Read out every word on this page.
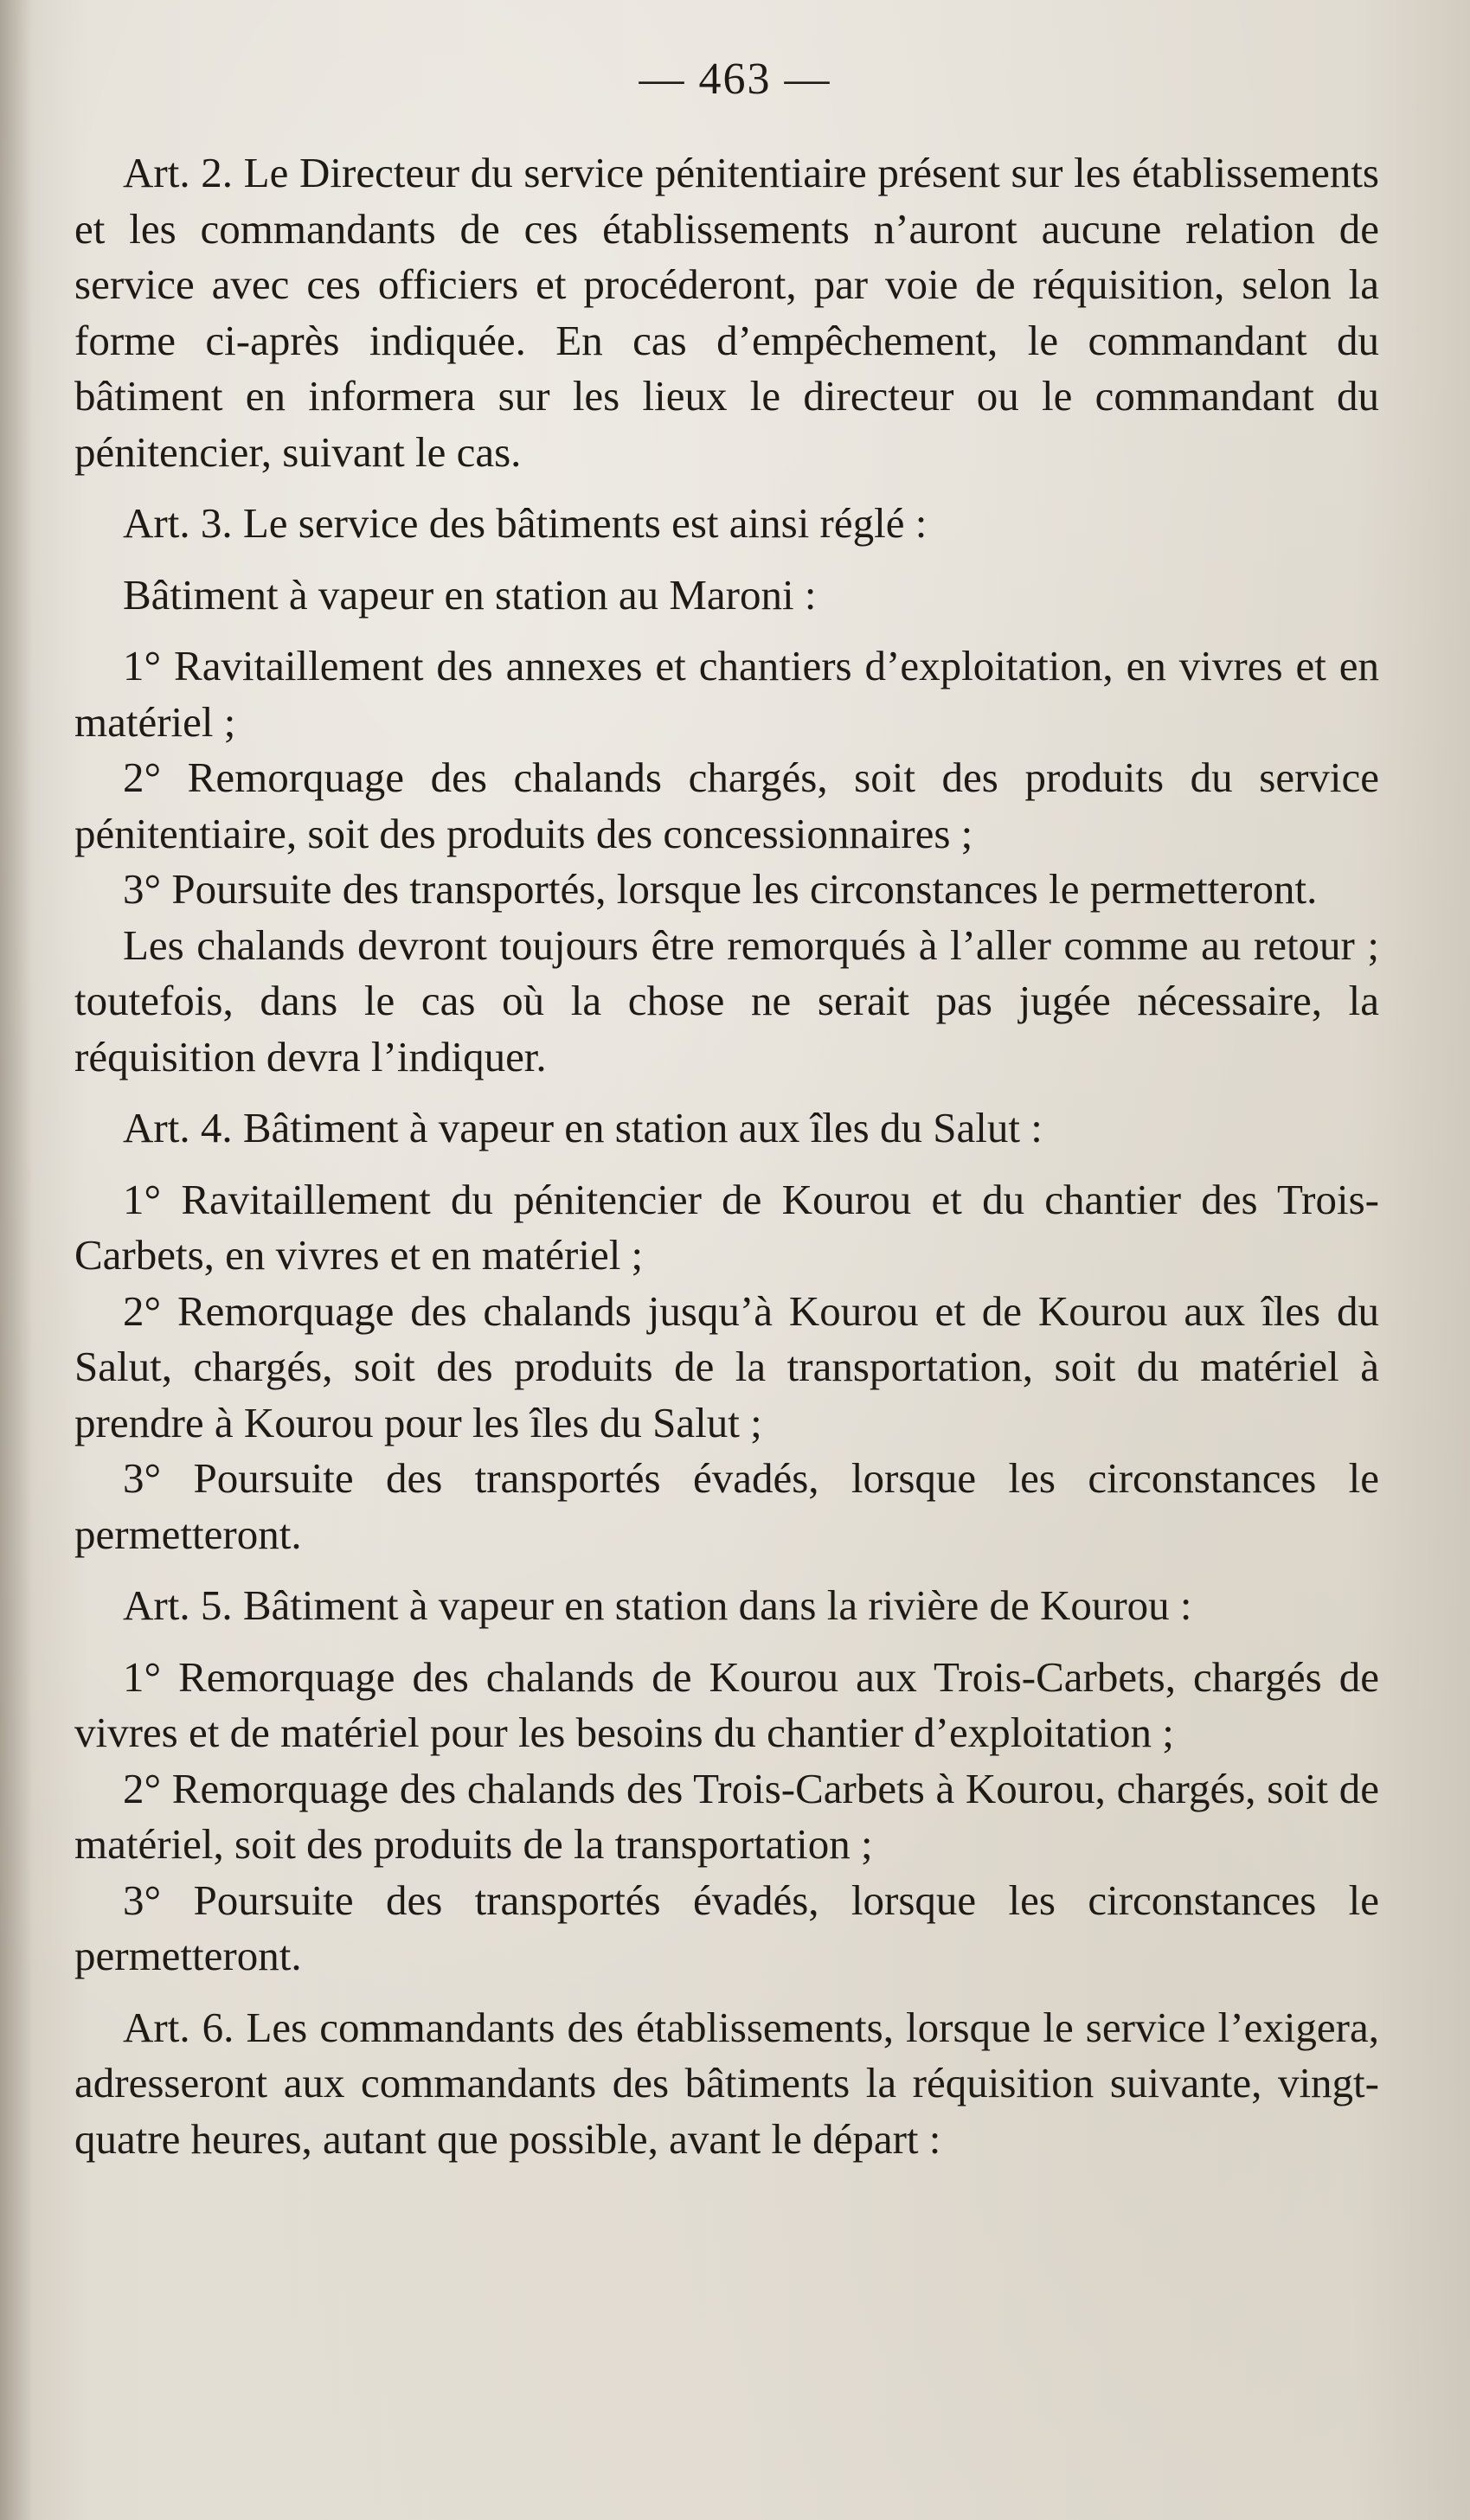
— 463 —

Art. 2. Le Directeur du service pénitentiaire présent sur les établissements et les commandants de ces établissements n’auront aucune relation de service avec ces officiers et procéderont, par voie de réquisition, selon la forme ci-après indiquée. En cas d’empêchement, le commandant du bâtiment en informera sur les lieux le directeur ou le commandant du pénitencier, suivant le cas.

Art. 3. Le service des bâtiments est ainsi réglé :

Bâtiment à vapeur en station au Maroni :

1° Ravitaillement des annexes et chantiers d’exploitation, en vivres et en matériel ;

2° Remorquage des chalands chargés, soit des produits du service pénitentiaire, soit des produits des concessionnaires ;

3° Poursuite des transportés, lorsque les circonstances le permetteront.

Les chalands devront toujours être remorqués à l’aller comme au retour ; toutefois, dans le cas où la chose ne serait pas jugée nécessaire, la réquisition devra l’indiquer.

Art. 4. Bâtiment à vapeur en station aux îles du Salut :

1° Ravitaillement du pénitencier de Kourou et du chantier des Trois-Carbets, en vivres et en matériel ;

2° Remorquage des chalands jusqu’à Kourou et de Kourou aux îles du Salut, chargés, soit des produits de la transportation, soit du matériel à prendre à Kourou pour les îles du Salut ;

3° Poursuite des transportés évadés, lorsque les circonstances le permetteront.

Art. 5. Bâtiment à vapeur en station dans la rivière de Kourou :

1° Remorquage des chalands de Kourou aux Trois-Carbets, chargés de vivres et de matériel pour les besoins du chantier d’exploitation ;

2° Remorquage des chalands des Trois-Carbets à Kourou, chargés, soit de matériel, soit des produits de la transportation ;

3° Poursuite des transportés évadés, lorsque les circonstances le permetteront.

Art. 6. Les commandants des établissements, lorsque le service l’exigera, adresseront aux commandants des bâtiments la réquisition suivante, vingt-quatre heures, autant que possible, avant le départ :
